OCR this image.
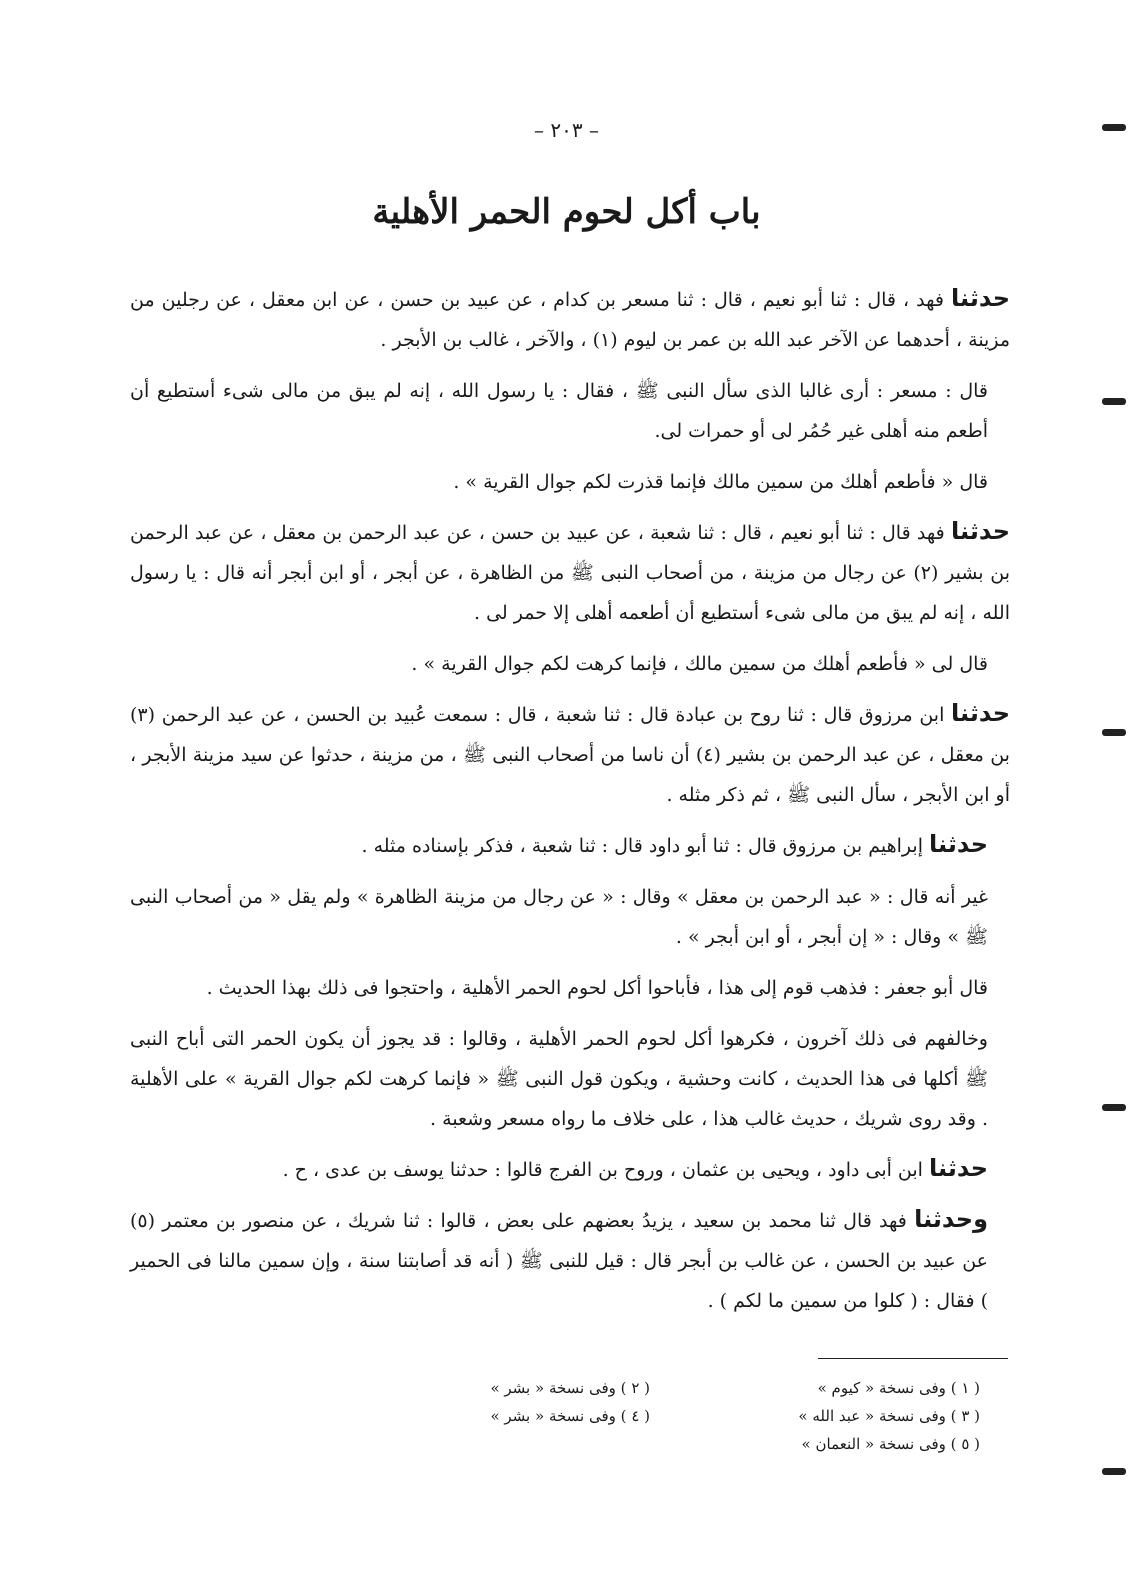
– ٢٠٣ –
باب أكل لحوم الحمر الأهلية

حدثنا فهد ، قال : ثنا أبو نعيم ، قال : ثنا مسعر بن كدام ، عن عبيد بن حسن ، عن ابن معقل ، عن رجلين من مزينة ، أحدهما عن الآخر عبد الله بن عمر بن ليوم (١) ، والآخر ، غالب بن الأبجر .

قال : مسعر : أرى غالبا الذى سأل النبى ﷺ ، فقال : يا رسول الله ، إنه لم يبق من مالى شىء أستطيع أن أطعم منه أهلى غير حُمُر لى أو حمرات لى.

قال « فأطعم أهلك من سمين مالك فإنما قذرت لكم جوال القرية » .

حدثنا فهد قال : ثنا أبو نعيم ، قال : ثنا شعبة ، عن عبيد بن حسن ، عن عبد الرحمن بن معقل ، عن عبد الرحمن بن بشير (٢) عن رجال من مزينة ، من أصحاب النبى ﷺ من الظاهرة ، عن أبجر ، أو ابن أبجر أنه قال : يا رسول الله ، إنه لم يبق من مالى شىء أستطيع أن أطعمه أهلى إلا حمر لى .

قال لى « فأطعم أهلك من سمين مالك ، فإنما كرهت لكم جوال القرية » .

حدثنا ابن مرزوق قال : ثنا روح بن عبادة قال : ثنا شعبة ، قال : سمعت عُبيد بن الحسن ، عن عبد الرحمن (٣) بن معقل ، عن عبد الرحمن بن بشير (٤) أن ناسا من أصحاب النبى ﷺ ، من مزينة ، حدثوا عن سيد مزينة الأبجر ، أو ابن الأبجر ، سأل النبى ﷺ ، ثم ذكر مثله .

حدثنا إبراهيم بن مرزوق قال : ثنا أبو داود قال : ثنا شعبة ، فذكر بإسناده مثله .

غير أنه قال : « عبد الرحمن بن معقل » وقال : « عن رجال من مزينة الظاهرة » ولم يقل « من أصحاب النبى ﷺ » وقال : « إن أبجر ، أو ابن أبجر » .

قال أبو جعفر : فذهب قوم إلى هذا ، فأباحوا أكل لحوم الحمر الأهلية ، واحتجوا فى ذلك بهذا الحديث .

وخالفهم فى ذلك آخرون ، فكرهوا أكل لحوم الحمر الأهلية ، وقالوا : قد يجوز أن يكون الحمر التى أباح النبى ﷺ أكلها فى هذا الحديث ، كانت وحشية ، ويكون قول النبى ﷺ « فإنما كرهت لكم جوال القرية » على الأهلية . وقد روى شريك ، حديث غالب هذا ، على خلاف ما رواه مسعر وشعبة .

حدثنا ابن أبى داود ، ويحيى بن عثمان ، وروح بن الفرج قالوا : حدثنا يوسف بن عدى ، ح .

وحدثنا فهد قال ثنا محمد بن سعيد ، يزيدُ بعضهم على بعض ، قالوا : ثنا شريك ، عن منصور بن معتمر (٥) عن عبيد بن الحسن ، عن غالب بن أبجر قال : قيل للنبى ﷺ ( أنه قد أصابتنا سنة ، وإن سمين مالنا فى الحمير ) فقال : ( كلوا من سمين ما لكم ) .

( ١ ) وفى نسخة « كيوم »
( ٢ ) وفى نسخة « بشر »
( ٣ ) وفى نسخة « عبد الله »
( ٤ ) وفى نسخة « بشر »
( ٥ ) وفى نسخة « النعمان »
